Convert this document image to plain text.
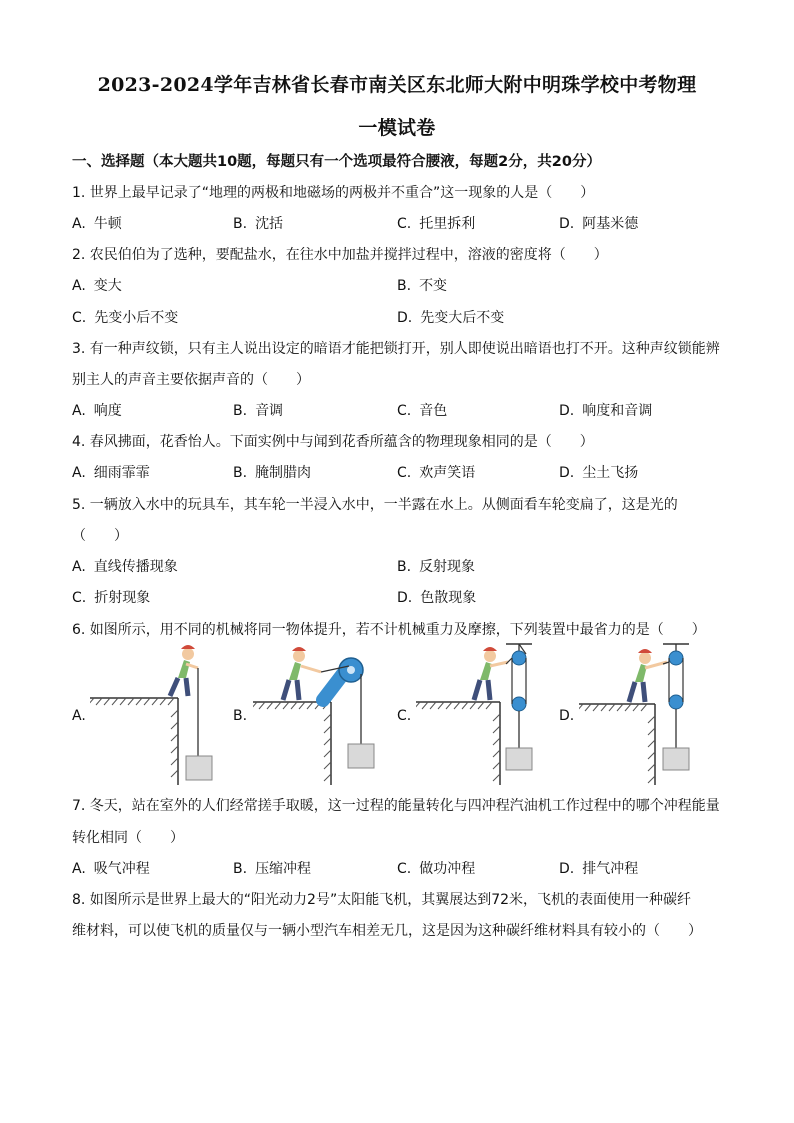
2023-2024学年吉林省长春市南关区东北师大附中明珠学校中考物理
一模试卷
一、选择题（本大题共10题，每题只有一个选项最符合腰液，每题2分，共20分）
1. 世界上最早记录了“地理的两极和地磁场的两极并不重合”这一现象的人是（　　）
A. 牛顿	B. 沈括	C. 托里拆利	D. 阿基米德
2. 农民伯伯为了选种，要配盐水，在往水中加盐并搅拌过程中，溶液的密度将（　　）
A. 变大	B. 不变
C. 先变小后不变	D. 先变大后不变
3. 有一种声纹锁，只有主人说出设定的暗语才能把锁打开，别人即使说出暗语也打不开。这种声纹锁能辨
别主人的声音主要依据声音的（　　）
A. 响度	B. 音调	C. 音色	D. 响度和音调
4. 春风拂面，花香怡人。下面实例中与闻到花香所蕴含的物理现象相同的是（　　）
A. 细雨霏霏	B. 腌制腊肉	C. 欢声笑语	D. 尘土飞扬
5. 一辆放入水中的玩具车，其车轮一半浸入水中，一半露在水上。从侧面看车轮变扁了，这是光的
（　　）
A. 直线传播现象	B. 反射现象
C. 折射现象	D. 色散现象
6. 如图所示，用不同的机械将同一物体提升，若不计机械重力及摩擦，下列装置中最省力的是（　　）
A.	B.	C.	D.
7. 冬天，站在室外的人们经常搓手取暖，这一过程的能量转化与四冲程汽油机工作过程中的哪个冲程能量
转化相同（　　）
A. 吸气冲程	B. 压缩冲程	C. 做功冲程	D. 排气冲程
8. 如图所示是世界上最大的“阳光动力2号”太阳能飞机，其翼展达到72米，飞机的表面使用一种碳纤
维材料，可以使飞机的质量仅与一辆小型汽车相差无几，这是因为这种碳纤维材料具有较小的（　　）
